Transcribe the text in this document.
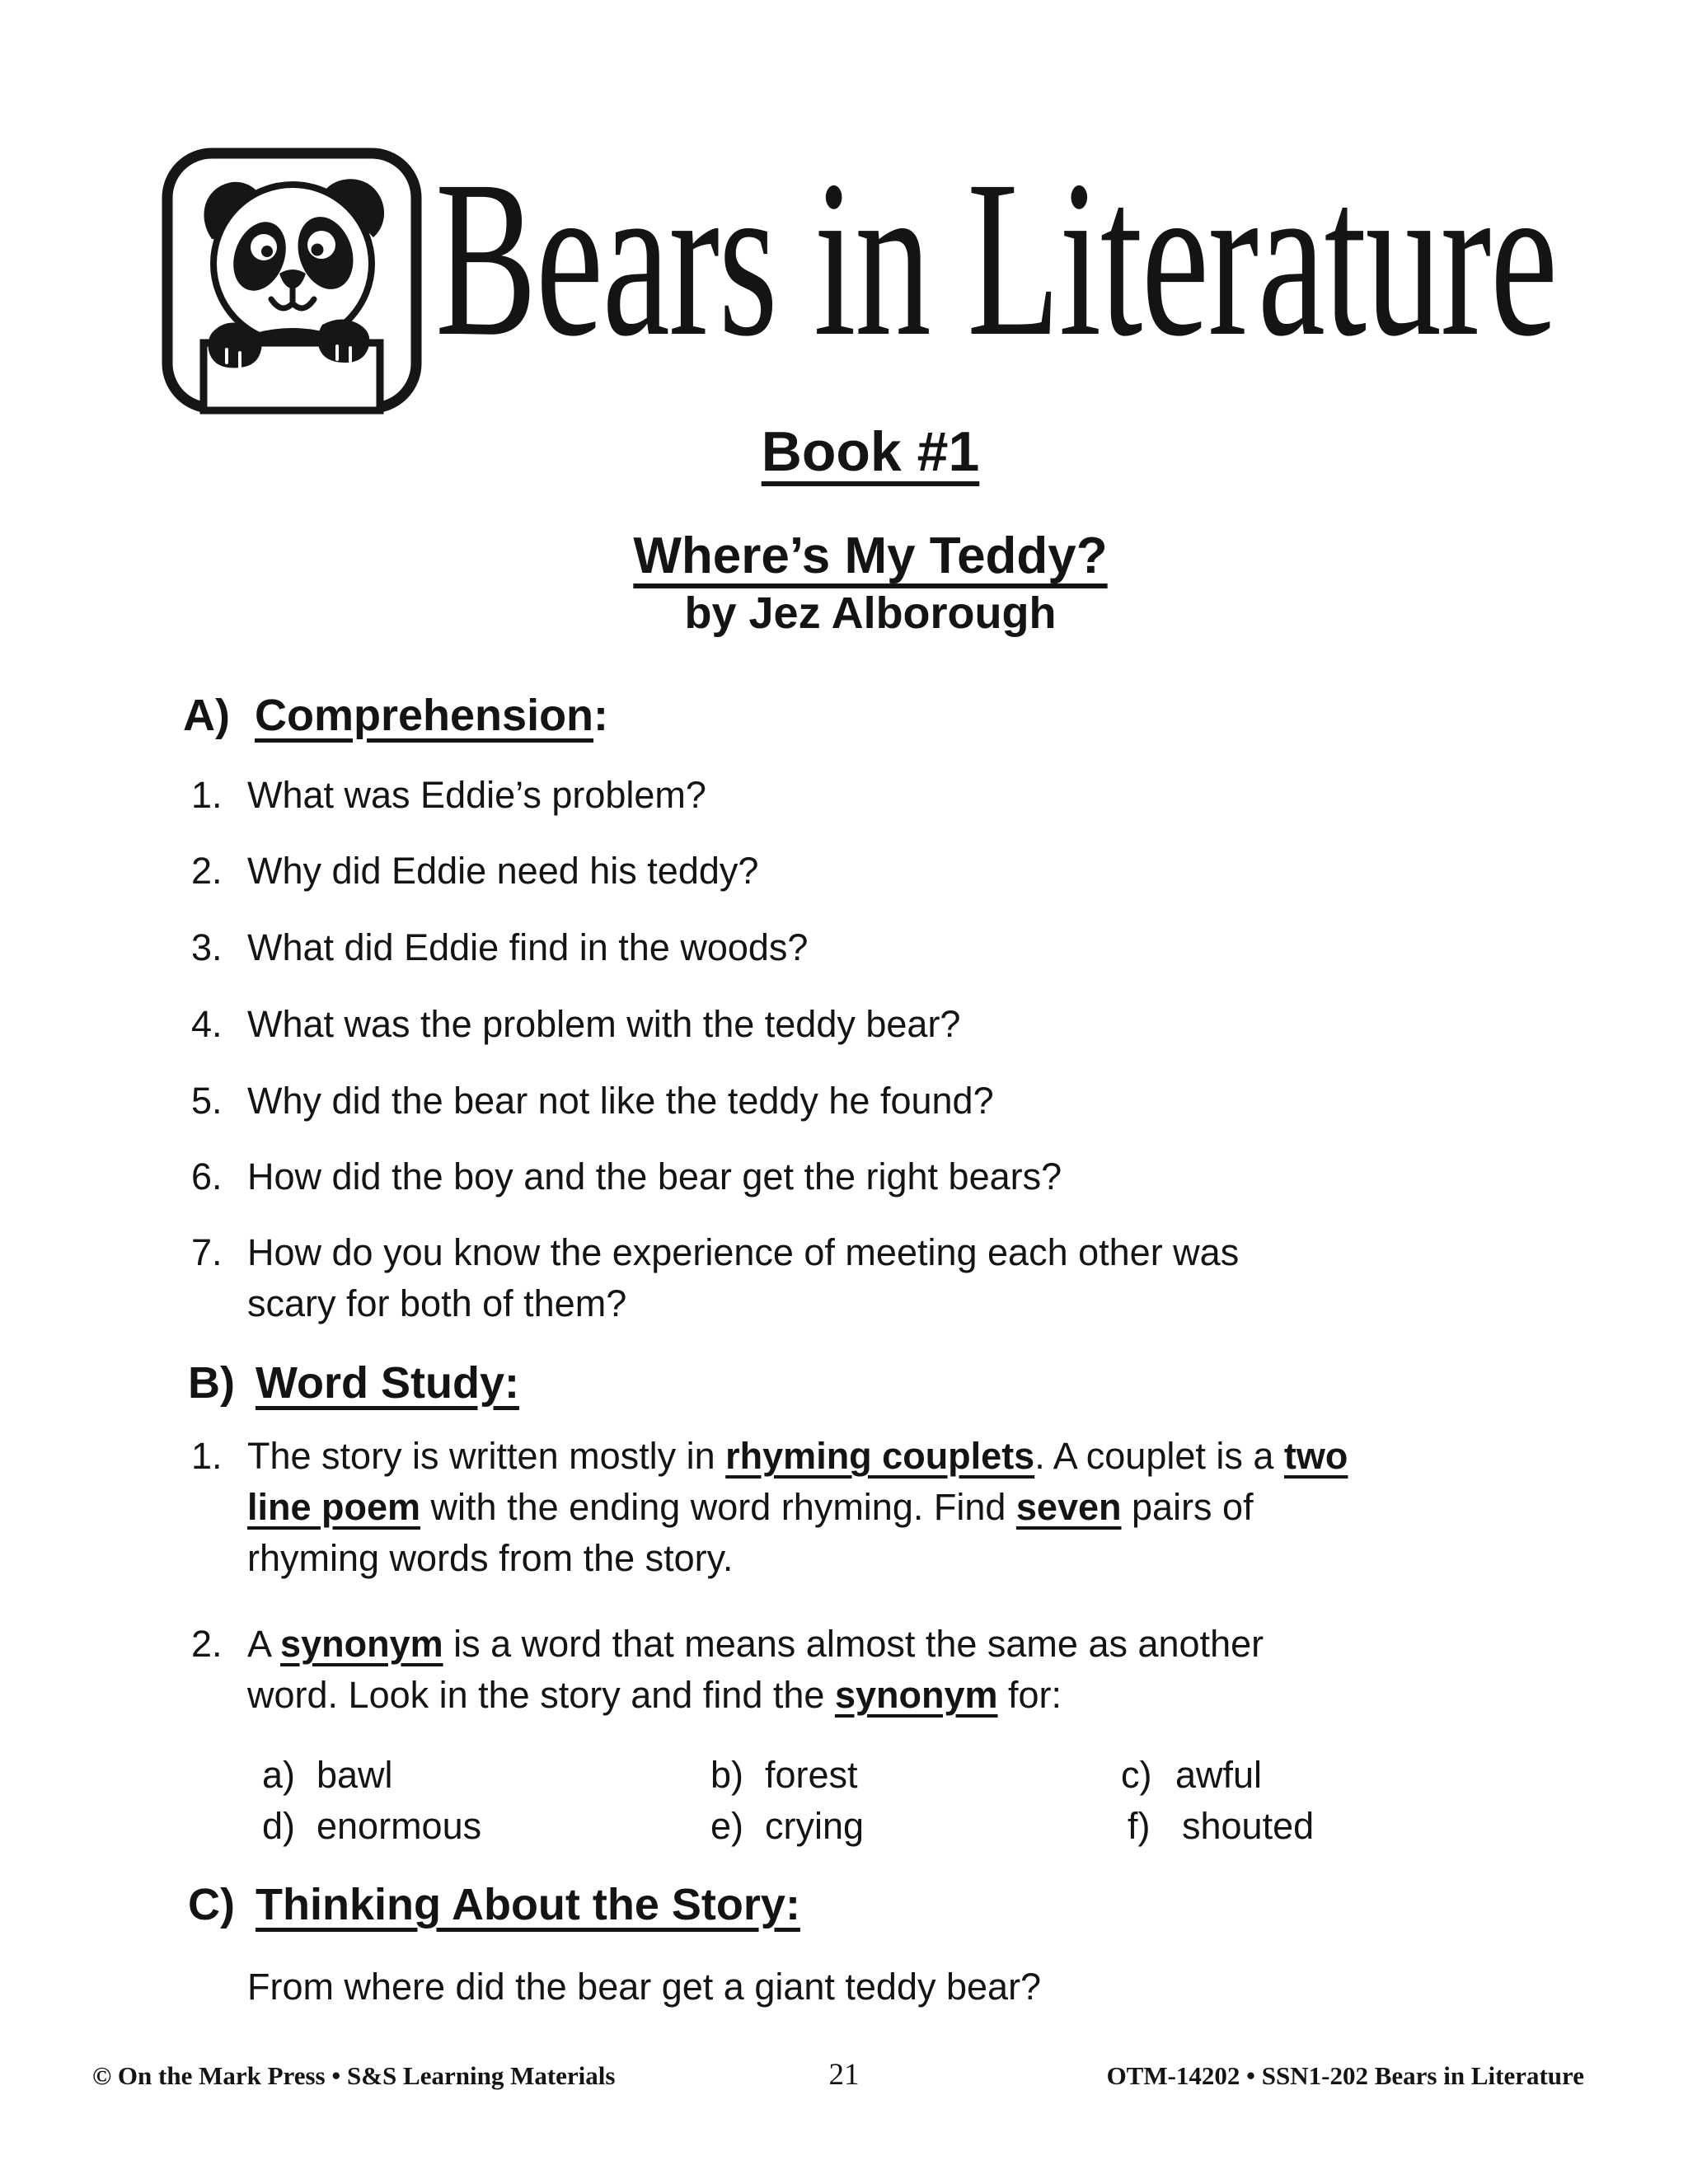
Bears in Literature
Book #1
Where’s My Teddy?
by Jez Alborough
A) Comprehension:
1. What was Eddie’s problem?
2. Why did Eddie need his teddy?
3. What did Eddie find in the woods?
4. What was the problem with the teddy bear?
5. Why did the bear not like the teddy he found?
6. How did the boy and the bear get the right bears?
7. How do you know the experience of meeting each other was
scary for both of them?
B) Word Study:
1. The story is written mostly in rhyming couplets. A couplet is a two
line poem with the ending word rhyming. Find seven pairs of
rhyming words from the story.
2. A synonym is a word that means almost the same as another
word. Look in the story and find the synonym for:
a) bawl	b) forest	c) awful
d) enormous	e) crying	f) shouted
C) Thinking About the Story:
From where did the bear get a giant teddy bear?
© On the Mark Press • S&S Learning Materials	21	OTM-14202 • SSN1-202 Bears in Literature
